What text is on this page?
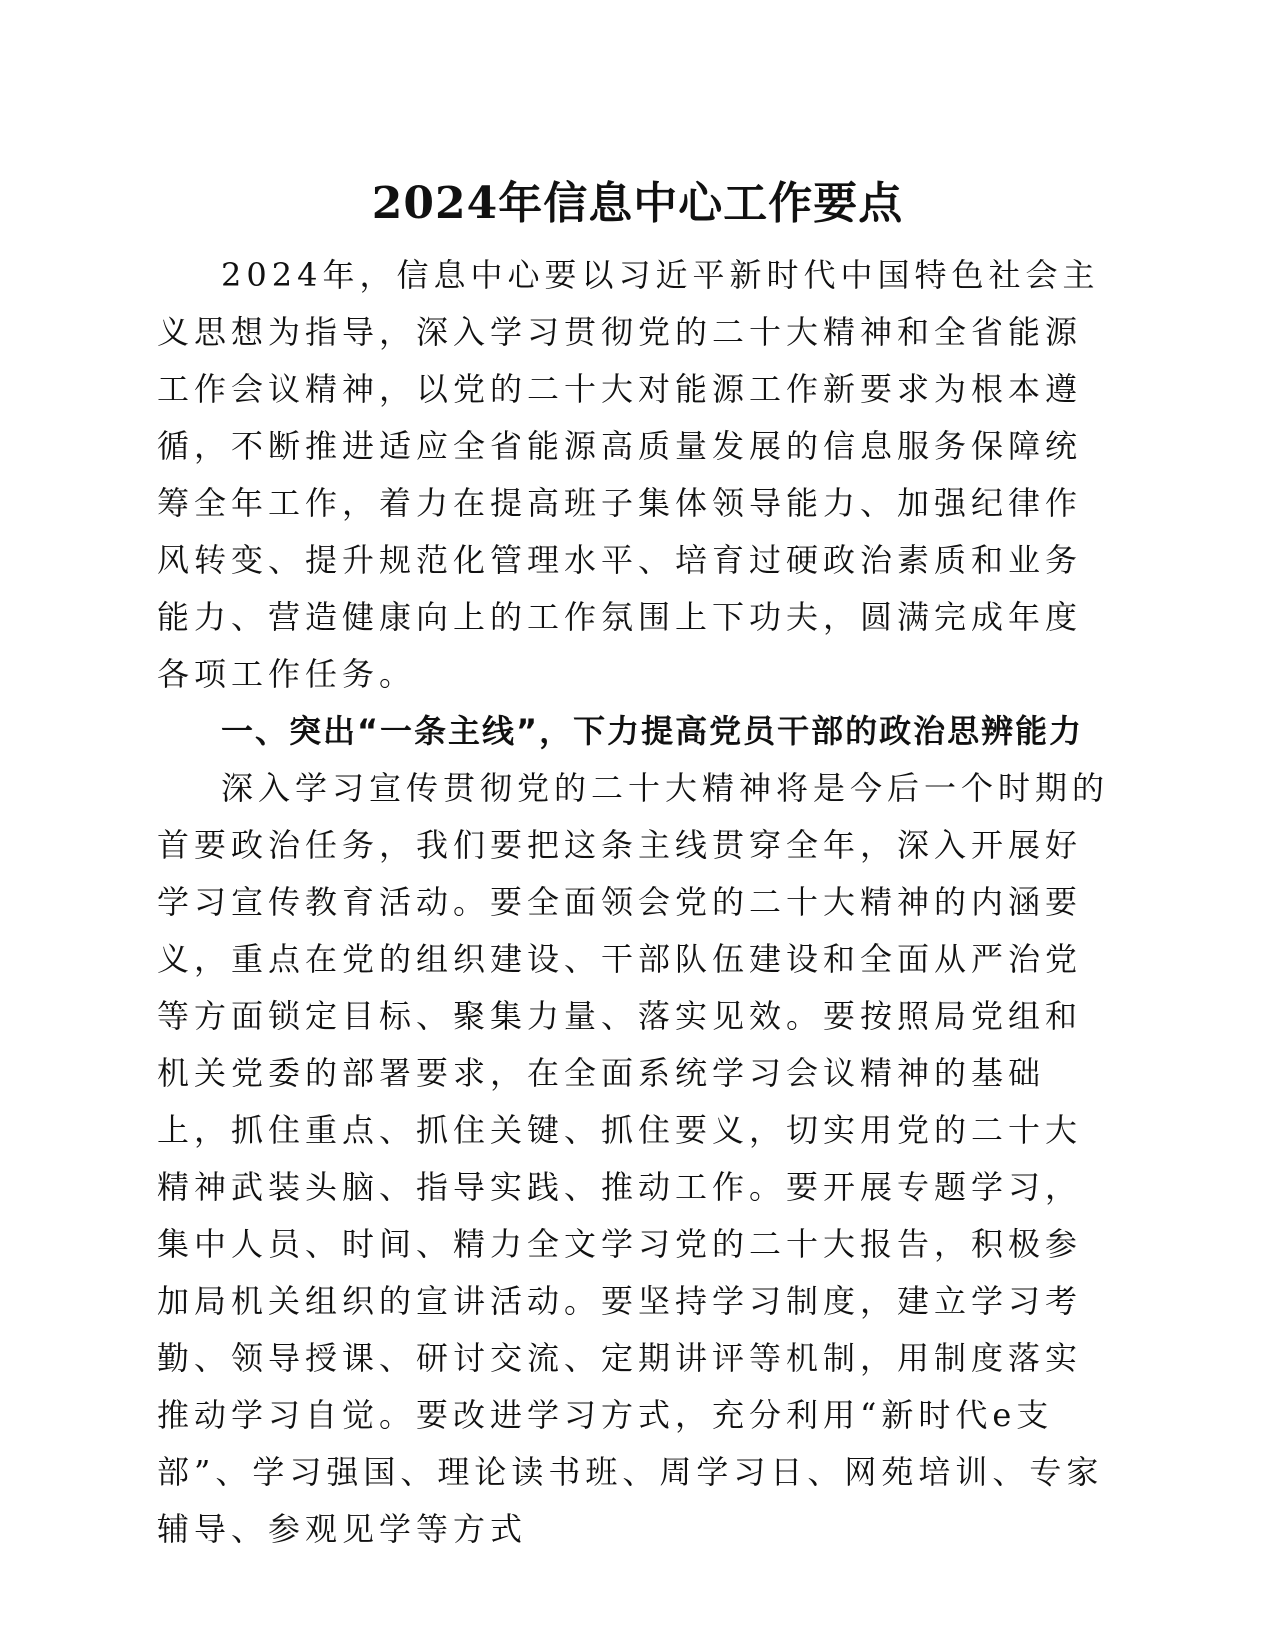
2024年信息中心工作要点

2024年，信息中心要以习近平新时代中国特色社会主义思想为指导，深入学习贯彻党的二十大精神和全省能源工作会议精神，以党的二十大对能源工作新要求为根本遵循，不断推进适应全省能源高质量发展的信息服务保障统筹全年工作，着力在提高班子集体领导能力、加强纪律作风转变、提升规范化管理水平、培育过硬政治素质和业务能力、营造健康向上的工作氛围上下功夫，圆满完成年度各项工作任务。

一、突出“一条主线”，下力提高党员干部的政治思辨能力

深入学习宣传贯彻党的二十大精神将是今后一个时期的首要政治任务，我们要把这条主线贯穿全年，深入开展好学习宣传教育活动。要全面领会党的二十大精神的内涵要义，重点在党的组织建设、干部队伍建设和全面从严治党等方面锁定目标、聚集力量、落实见效。要按照局党组和机关党委的部署要求，在全面系统学习会议精神的基础上，抓住重点、抓住关键、抓住要义，切实用党的二十大精神武装头脑、指导实践、推动工作。要开展专题学习，集中人员、时间、精力全文学习党的二十大报告，积极参加局机关组织的宣讲活动。要坚持学习制度，建立学习考勤、领导授课、研讨交流、定期讲评等机制，用制度落实推动学习自觉。要改进学习方式，充分利用“新时代e支部”、学习强国、理论读书班、周学习日、网苑培训、专家辅导、参观见学等方式
